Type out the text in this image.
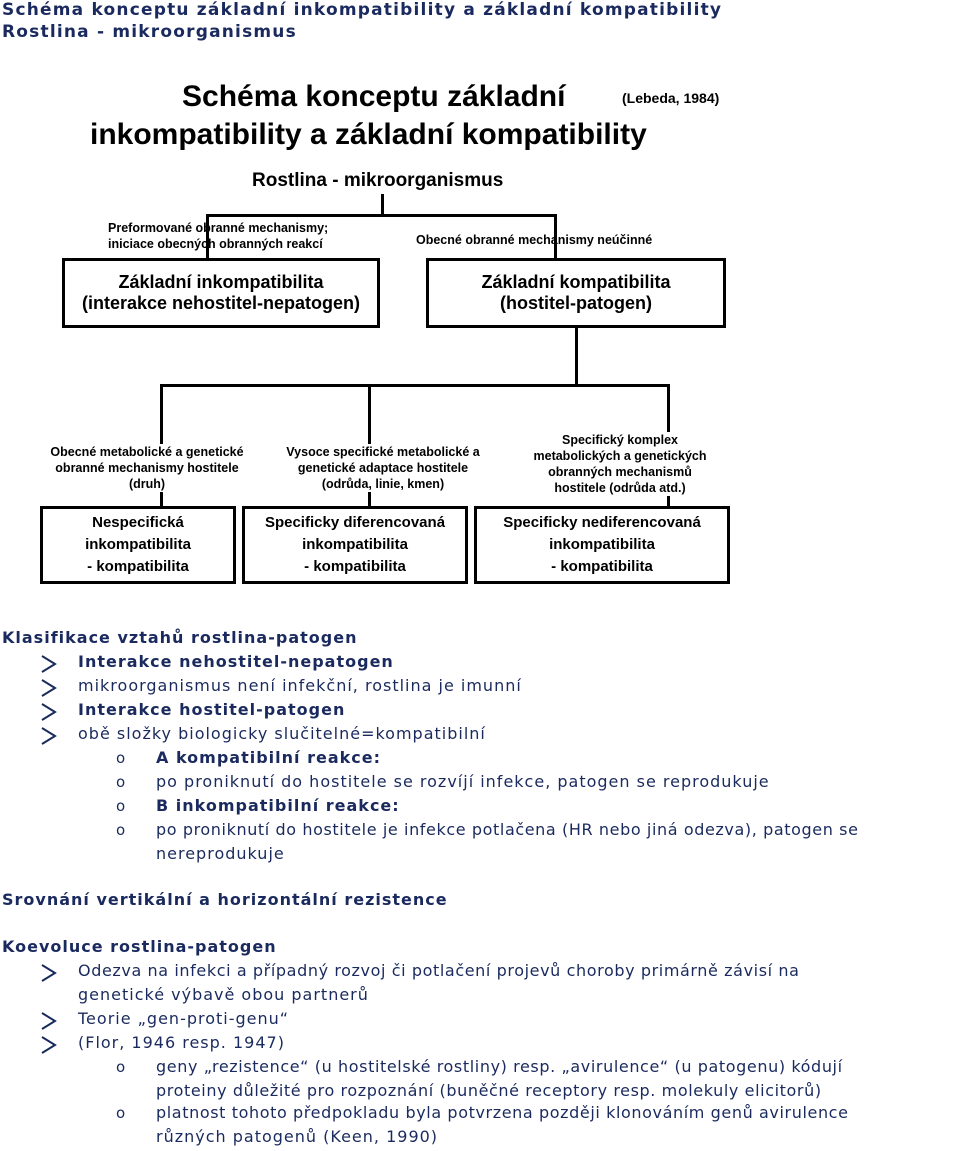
Schéma konceptu základní inkompatibility a základní kompatibility
Rostlina - mikroorganismus
Schéma konceptu základní
inkompatibility a základní kompatibility
(Lebeda, 1984)
Rostlina - mikroorganismus
Preformované obranné mechanismy;
iniciace obecných obranných reakcí	Obecné obranné mechanismy neúčinné
Základní inkompatibilita
(interakce nehostitel-nepatogen)
Základní kompatibilita
(hostitel-patogen)
Obecné metabolické a genetické
obranné mechanismy hostitele
(druh)
Vysoce specifické metabolické a
genetické adaptace hostitele
(odrůda, linie, kmen)
Specifický komplex
metabolických a genetických
obranných mechanismů
hostitele (odrůda atd.)
Nespecifická
inkompatibilita
- kompatibilita
Specificky diferencovaná
inkompatibilita
- kompatibilita
Specificky nediferencovaná
inkompatibilita
- kompatibilita
Klasifikace vztahů rostlina-patogen
Interakce nehostitel-nepatogen
mikroorganismus není infekční, rostlina je imunní
Interakce hostitel-patogen
obě složky biologicky slučitelné=kompatibilní
o A kompatibilní reakce:
o po proniknutí do hostitele se rozvíjí infekce, patogen se reprodukuje
o B inkompatibilní reakce:
o po proniknutí do hostitele je infekce potlačena (HR nebo jiná odezva), patogen se
nereprodukuje
Srovnání vertikální a horizontální rezistence
Koevoluce rostlina-patogen
Odezva na infekci a případný rozvoj či potlačení projevů choroby primárně závisí na
genetické výbavě obou partnerů
Teorie „gen-proti-genu“
(Flor, 1946 resp. 1947)
o geny „rezistence“ (u hostitelské rostliny) resp. „avirulence“ (u patogenu) kódují
proteiny důležité pro rozpoznání (buněčné receptory resp. molekuly elicitorů)
o platnost tohoto předpokladu byla potvrzena později klonováním genů avirulence
různých patogenů (Keen, 1990)
